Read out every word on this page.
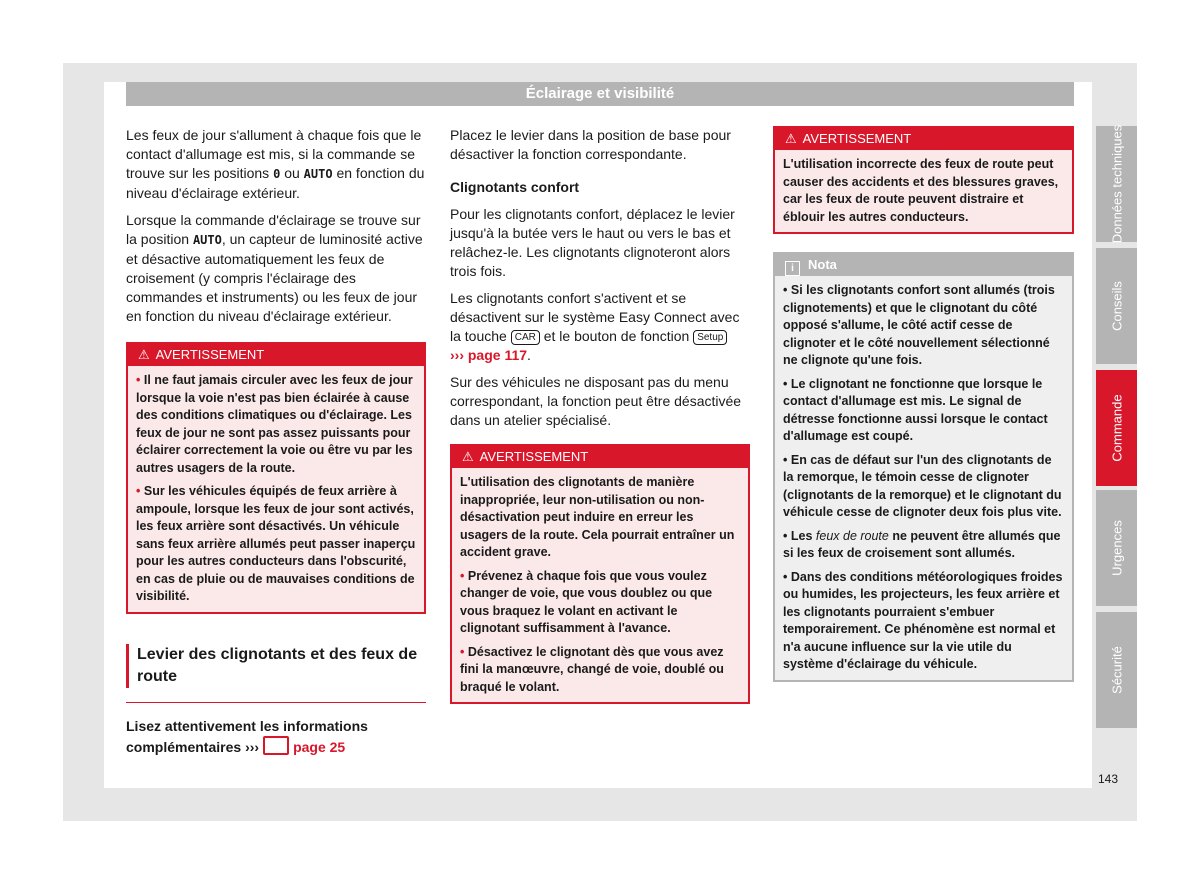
Éclairage et visibilité

Les feux de jour s'allument à chaque fois que le contact d'allumage est mis, si la commande se trouve sur les positions 0 ou AUTO en fonction du niveau d'éclairage extérieur.

Lorsque la commande d'éclairage se trouve sur la position AUTO, un capteur de luminosité active et désactive automatiquement les feux de croisement (y compris l'éclairage des commandes et instruments) ou les feux de jour en fonction du niveau d'éclairage extérieur.

⚠ AVERTISSEMENT

• Il ne faut jamais circuler avec les feux de jour lorsque la voie n'est pas bien éclairée à cause des conditions climatiques ou d'éclairage. Les feux de jour ne sont pas assez puissants pour éclairer correctement la voie ou être vu par les autres usagers de la route.

• Sur les véhicules équipés de feux arrière à ampoule, lorsque les feux de jour sont activés, les feux arrière sont désactivés. Un véhicule sans feux arrière allumés peut passer inaperçu pour les autres conducteurs dans l'obscurité, en cas de pluie ou de mauvaises conditions de visibilité.

Levier des clignotants et des feux de route

Lisez attentivement les informations complémentaires ››› page 25

Placez le levier dans la position de base pour désactiver la fonction correspondante.

Clignotants confort

Pour les clignotants confort, déplacez le levier jusqu'à la butée vers le haut ou vers le bas et relâchez-le. Les clignotants clignoteront alors trois fois.

Les clignotants confort s'activent et se désactivent sur le système Easy Connect avec la touche CAR et le bouton de fonction Setup
››› page 117.

Sur des véhicules ne disposant pas du menu correspondant, la fonction peut être désactivée dans un atelier spécialisé.

⚠ AVERTISSEMENT

L'utilisation des clignotants de manière inappropriée, leur non-utilisation ou non-désactivation peut induire en erreur les usagers de la route. Cela pourrait entraîner un accident grave.

• Prévenez à chaque fois que vous voulez changer de voie, que vous doublez ou que vous braquez le volant en activant le clignotant suffisamment à l'avance.

• Désactivez le clignotant dès que vous avez fini la manœuvre, changé de voie, doublé ou braqué le volant.

⚠ AVERTISSEMENT

L'utilisation incorrecte des feux de route peut causer des accidents et des blessures graves, car les feux de route peuvent distraire et éblouir les autres conducteurs.

i Nota

• Si les clignotants confort sont allumés (trois clignotements) et que le clignotant du côté opposé s'allume, le côté actif cesse de clignoter et le côté nouvellement sélectionné ne clignote qu'une fois.

• Le clignotant ne fonctionne que lorsque le contact d'allumage est mis. Le signal de détresse fonctionne aussi lorsque le contact d'allumage est coupé.

• En cas de défaut sur l'un des clignotants de la remorque, le témoin cesse de clignoter (clignotants de la remorque) et le clignotant du véhicule cesse de clignoter deux fois plus vite.

• Les feux de route ne peuvent être allumés que si les feux de croisement sont allumés.

• Dans des conditions météorologiques froides ou humides, les projecteurs, les feux arrière et les clignotants pourraient s'embuer temporairement. Ce phénomène est normal et n'a aucune influence sur la vie utile du système d'éclairage du véhicule.

Données techniques
Conseils
Commande
Urgences
Sécurité
143
